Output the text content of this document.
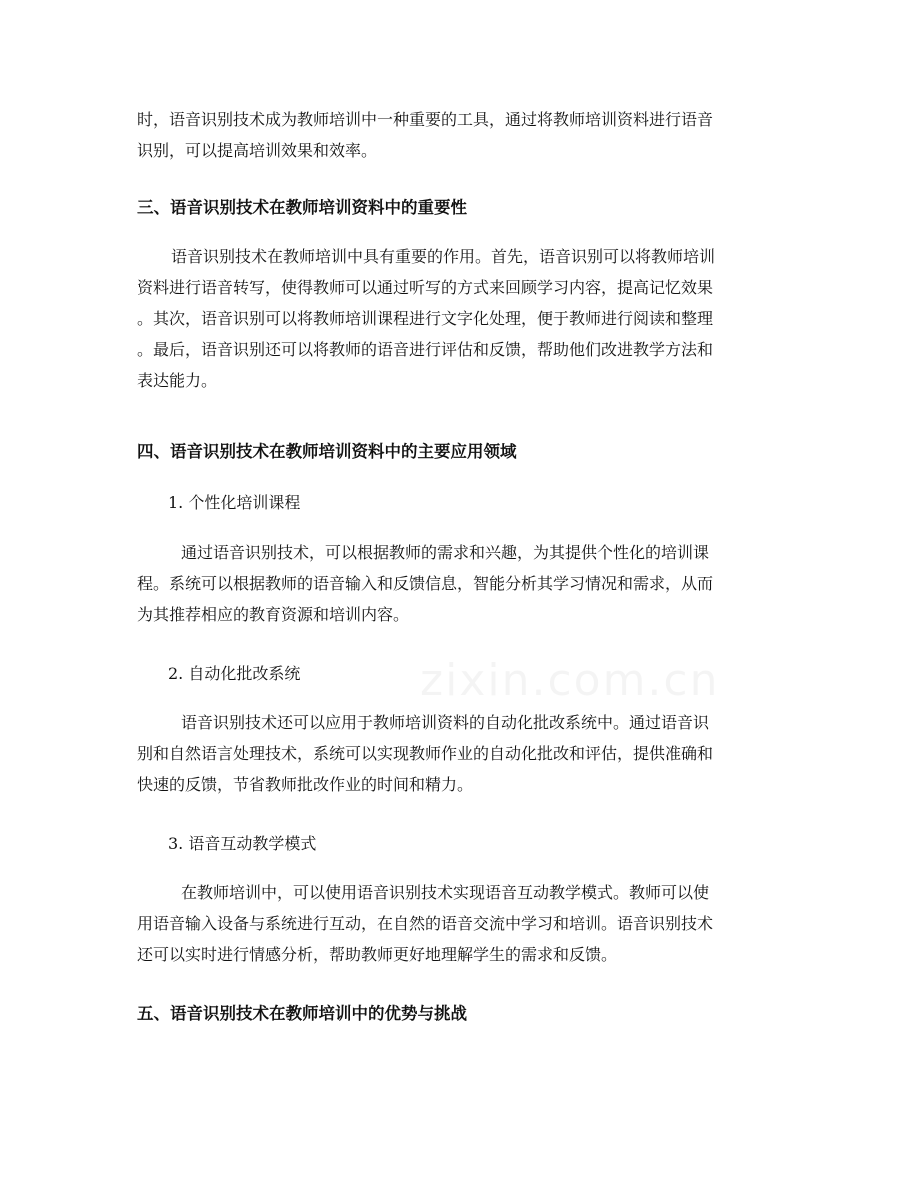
时，语音识别技术成为教师培训中一种重要的工具，通过将教师培训资料进行语音
识别，可以提高培训效果和效率。
三、语音识别技术在教师培训资料中的重要性
语音识别技术在教师培训中具有重要的作用。首先，语音识别可以将教师培训
资料进行语音转写，使得教师可以通过听写的方式来回顾学习内容，提高记忆效果
。其次，语音识别可以将教师培训课程进行文字化处理，便于教师进行阅读和整理
。最后，语音识别还可以将教师的语音进行评估和反馈，帮助他们改进教学方法和
表达能力。
四、语音识别技术在教师培训资料中的主要应用领域
1. 个性化培训课程
通过语音识别技术，可以根据教师的需求和兴趣，为其提供个性化的培训课
程。系统可以根据教师的语音输入和反馈信息，智能分析其学习情况和需求，从而
为其推荐相应的教育资源和培训内容。
2. 自动化批改系统
语音识别技术还可以应用于教师培训资料的自动化批改系统中。通过语音识
别和自然语言处理技术，系统可以实现教师作业的自动化批改和评估，提供准确和
快速的反馈，节省教师批改作业的时间和精力。
3. 语音互动教学模式
在教师培训中，可以使用语音识别技术实现语音互动教学模式。教师可以使
用语音输入设备与系统进行互动，在自然的语音交流中学习和培训。语音识别技术
还可以实时进行情感分析，帮助教师更好地理解学生的需求和反馈。
五、语音识别技术在教师培训中的优势与挑战
